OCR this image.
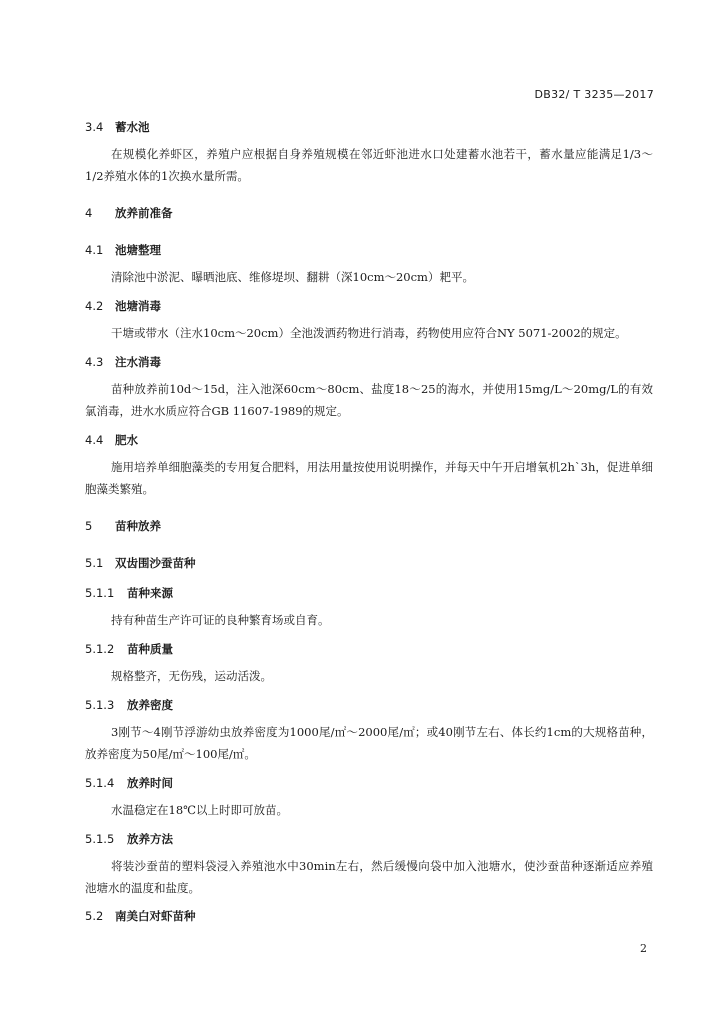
DB32/ T 3235—2017
3.4 蓄水池
在规模化养虾区，养殖户应根据自身养殖规模在邻近虾池进水口处建蓄水池若干，蓄水量应能满足1/3～1/2养殖水体的1次换水量所需。
4 放养前准备
4.1 池塘整理
清除池中淤泥、曝晒池底、维修堤坝、翻耕（深10cm～20cm）耙平。
4.2 池塘消毒
干塘或带水（注水10cm～20cm）全池泼洒药物进行消毒，药物使用应符合NY 5071-2002的规定。
4.3 注水消毒
苗种放养前10d～15d，注入池深60cm～80cm、盐度18～25的海水，并使用15mg/L～20mg/L的有效氯消毒，进水水质应符合GB 11607-1989的规定。
4.4 肥水
施用培养单细胞藻类的专用复合肥料，用法用量按使用说明操作，并每天中午开启增氧机2h`3h，促进单细胞藻类繁殖。
5 苗种放养
5.1 双齿围沙蚕苗种
5.1.1 苗种来源
持有种苗生产许可证的良种繁育场或自育。
5.1.2 苗种质量
规格整齐，无伤残，运动活泼。
5.1.3 放养密度
3刚节～4刚节浮游幼虫放养密度为1000尾/㎡～2000尾/㎡；或40刚节左右、体长约1cm的大规格苗种，放养密度为50尾/㎡～100尾/㎡。
5.1.4 放养时间
水温稳定在18℃以上时即可放苗。
5.1.5 放养方法
将装沙蚕苗的塑料袋浸入养殖池水中30min左右，然后缓慢向袋中加入池塘水，使沙蚕苗种逐渐适应养殖池塘水的温度和盐度。
5.2 南美白对虾苗种
2
